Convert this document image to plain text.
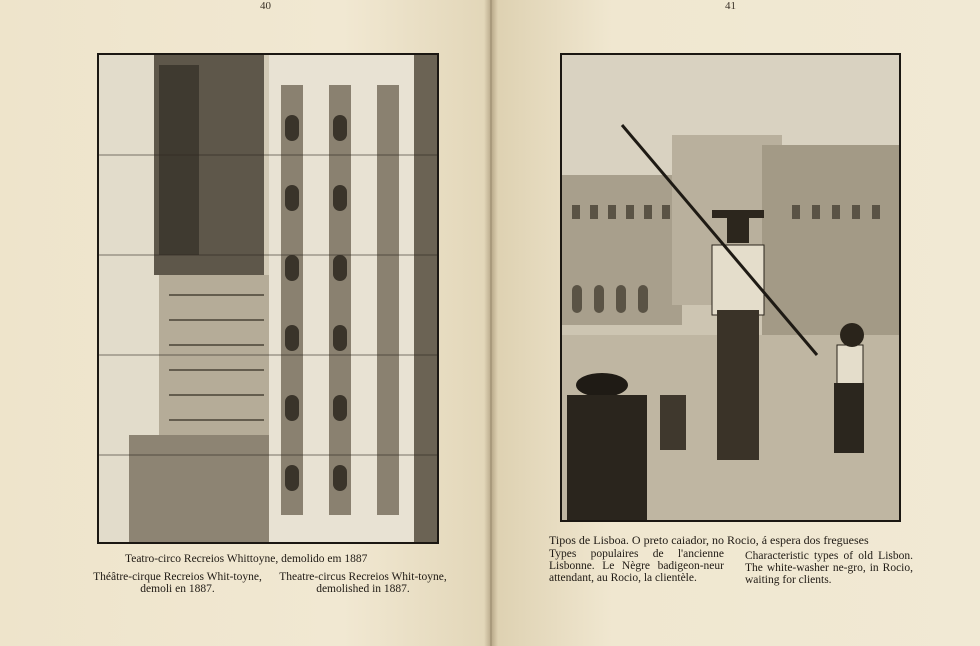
40	41
Teatro-circo Recreios Whittoyne, demolido em 1887
Théâtre-cirque Recreios Whit-toyne, demoli en 1887.
Theatre-circus Recreios Whit-toyne, demolished in 1887.
Tipos de Lisboa. O preto caiador, no Rocio, á espera dos fregueses
Types populaires de l'ancienne Lisbonne. Le Nègre badigeon-neur attendant, au Rocio, la clientèle.
Characteristic types of old Lisbon. The white-washer ne-gro, in Rocio, waiting for clients.
